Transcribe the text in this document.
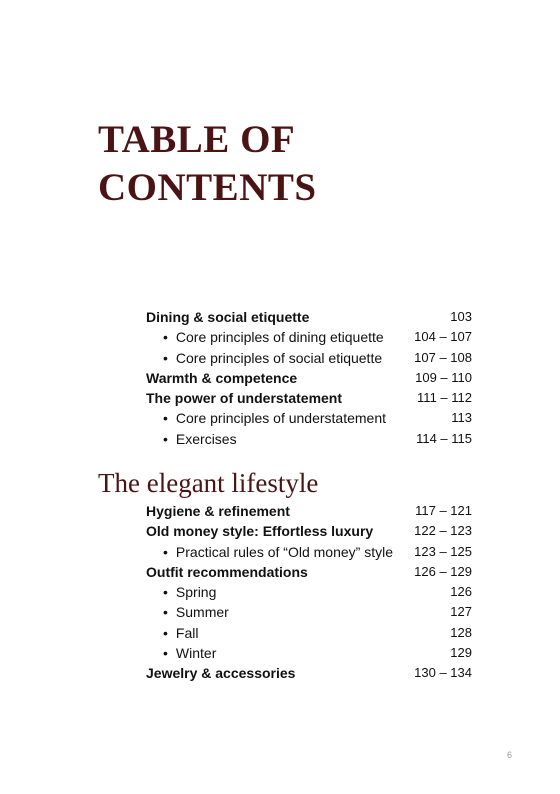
TABLE OF
CONTENTS
Dining & social etiquette	103
• Core principles of dining etiquette 104 – 107
• Core principles of social etiquette 107 – 108
Warmth & competence	109 – 110
The power of understatement	111 – 112
• Core principles of understatement	113
• Exercises	114 – 115
The elegant lifestyle
Hygiene & refinement	117 – 121
Old money style: Effortless luxury	122 – 123
• Practical rules of “Old money” style 123 – 125
Outfit recommendations	126 – 129
• Spring	126
• Summer	127
• Fall	128
• Winter	129
Jewelry & accessories	130 – 134
6
